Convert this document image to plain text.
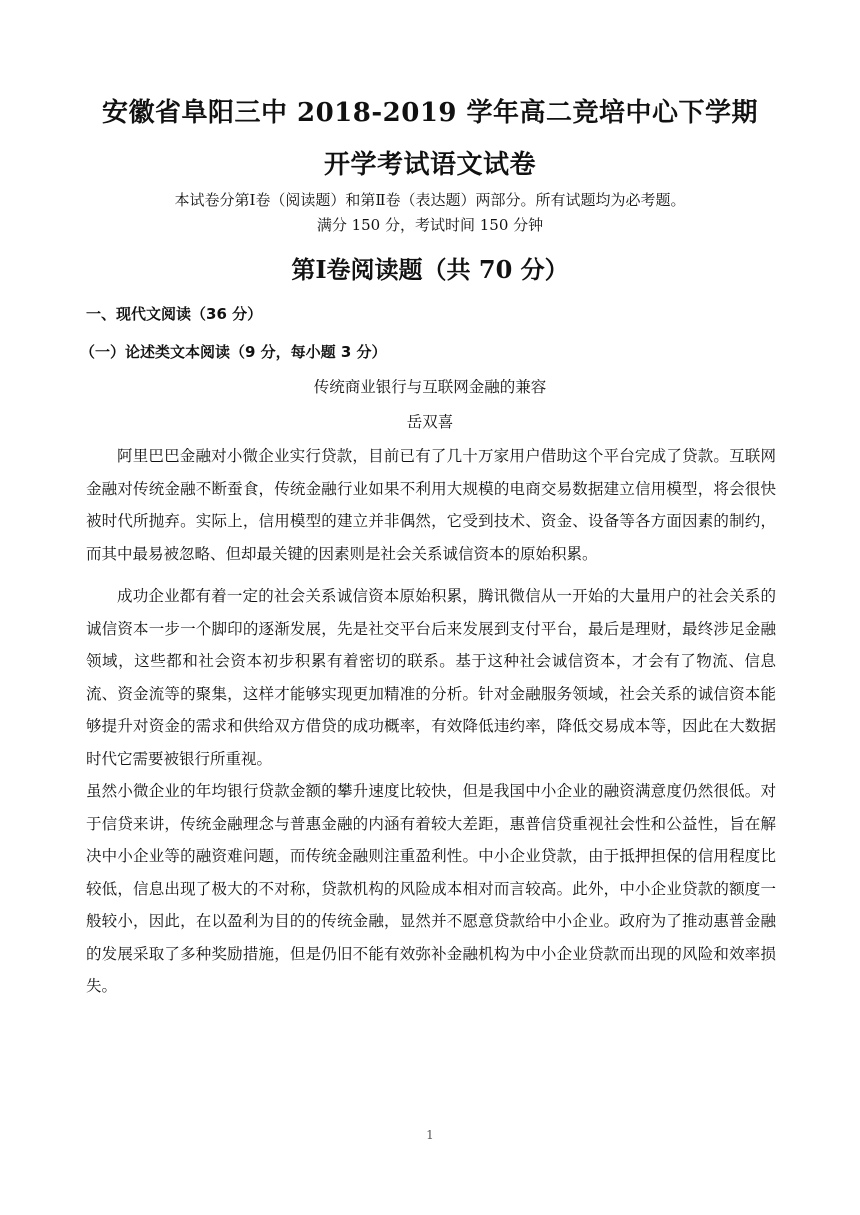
安徽省阜阳三中 2018-2019 学年高二竞培中心下学期
开学考试语文试卷
本试卷分第Ⅰ卷（阅读题）和第Ⅱ卷（表达题）两部分。所有试题均为必考题。
满分 150 分，考试时间 150 分钟
第Ⅰ卷阅读题（共 70 分）
一、现代文阅读（36 分）
（一）论述类文本阅读（9 分，每小题 3 分）
传统商业银行与互联网金融的兼容
岳双喜

阿里巴巴金融对小微企业实行贷款，目前已有了几十万家用户借助这个平台完成了贷款。互联网金融对传统金融不断蚕食，传统金融行业如果不利用大规模的电商交易数据建立信用模型，将会很快被时代所抛弃。实际上，信用模型的建立并非偶然，它受到技术、资金、设备等各方面因素的制约，而其中最易被忽略、但却最关键的因素则是社会关系诚信资本的原始积累。

成功企业都有着一定的社会关系诚信资本原始积累，腾讯微信从一开始的大量用户的社会关系的诚信资本一步一个脚印的逐渐发展，先是社交平台后来发展到支付平台，最后是理财，最终涉足金融领域，这些都和社会资本初步积累有着密切的联系。基于这种社会诚信资本，才会有了物流、信息流、资金流等的聚集，这样才能够实现更加精准的分析。针对金融服务领域，社会关系的诚信资本能够提升对资金的需求和供给双方借贷的成功概率，有效降低违约率，降低交易成本等，因此在大数据时代它需要被银行所重视。

虽然小微企业的年均银行贷款金额的攀升速度比较快，但是我国中小企业的融资满意度仍然很低。对于信贷来讲，传统金融理念与普惠金融的内涵有着较大差距，惠普信贷重视社会性和公益性，旨在解决中小企业等的融资难问题，而传统金融则注重盈利性。中小企业贷款，由于抵押担保的信用程度比较低，信息出现了极大的不对称，贷款机构的风险成本相对而言较高。此外，中小企业贷款的额度一般较小，因此，在以盈利为目的的传统金融，显然并不愿意贷款给中小企业。政府为了推动惠普金融的发展采取了多种奖励措施，但是仍旧不能有效弥补金融机构为中小企业贷款而出现的风险和效率损失。

1
